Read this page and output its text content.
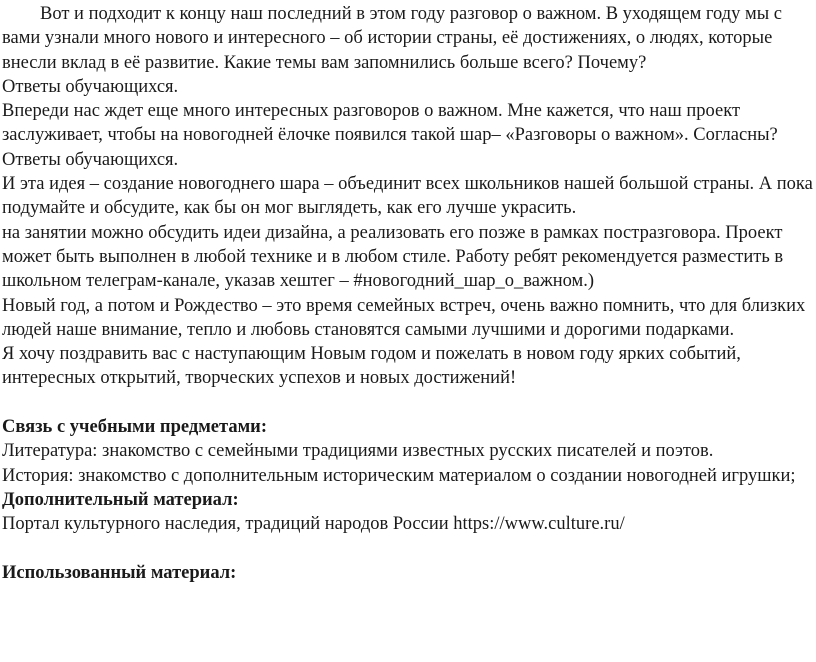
Вот и подходит к концу наш последний в этом году разговор о важном. В уходящем году мы с вами узнали много нового и интересного – об истории страны, её достижениях, о людях, которые внесли вклад в её развитие. Какие темы вам запомнились больше всего? Почему?

Ответы обучающихся.

Впереди нас ждет еще много интересных разговоров о важном. Мне кажется, что наш проект заслуживает, чтобы на новогодней ёлочке появился такой шар– «Разговоры о важном». Согласны?

Ответы обучающихся.

И эта идея – создание новогоднего шара – объединит всех школьников нашей большой страны. А пока подумайте и обсудите, как бы он мог выглядеть, как его лучше украсить.

на занятии можно обсудить идеи дизайна, а реализовать его позже в рамках постразговора. Проект может быть выполнен в любой технике и в любом стиле. Работу ребят рекомендуется разместить в школьном телеграм-канале, указав хештег – #новогодний_шар_о_важном.)

Новый год, а потом и Рождество – это время семейных встреч, очень важно помнить, что для близких людей наше внимание, тепло и любовь становятся самыми лучшими и дорогими подарками.

Я хочу поздравить вас с наступающим Новым годом и пожелать в новом году ярких событий, интересных открытий, творческих успехов и новых достижений!

Связь с учебными предметами:

Литература: знакомство с семейными традициями известных русских писателей и поэтов.

История: знакомство с дополнительным историческим материалом о создании новогодней игрушки;

Дополнительный материал:

Портал культурного наследия, традиций народов России https://www.culture.ru/

Использованный материал:
